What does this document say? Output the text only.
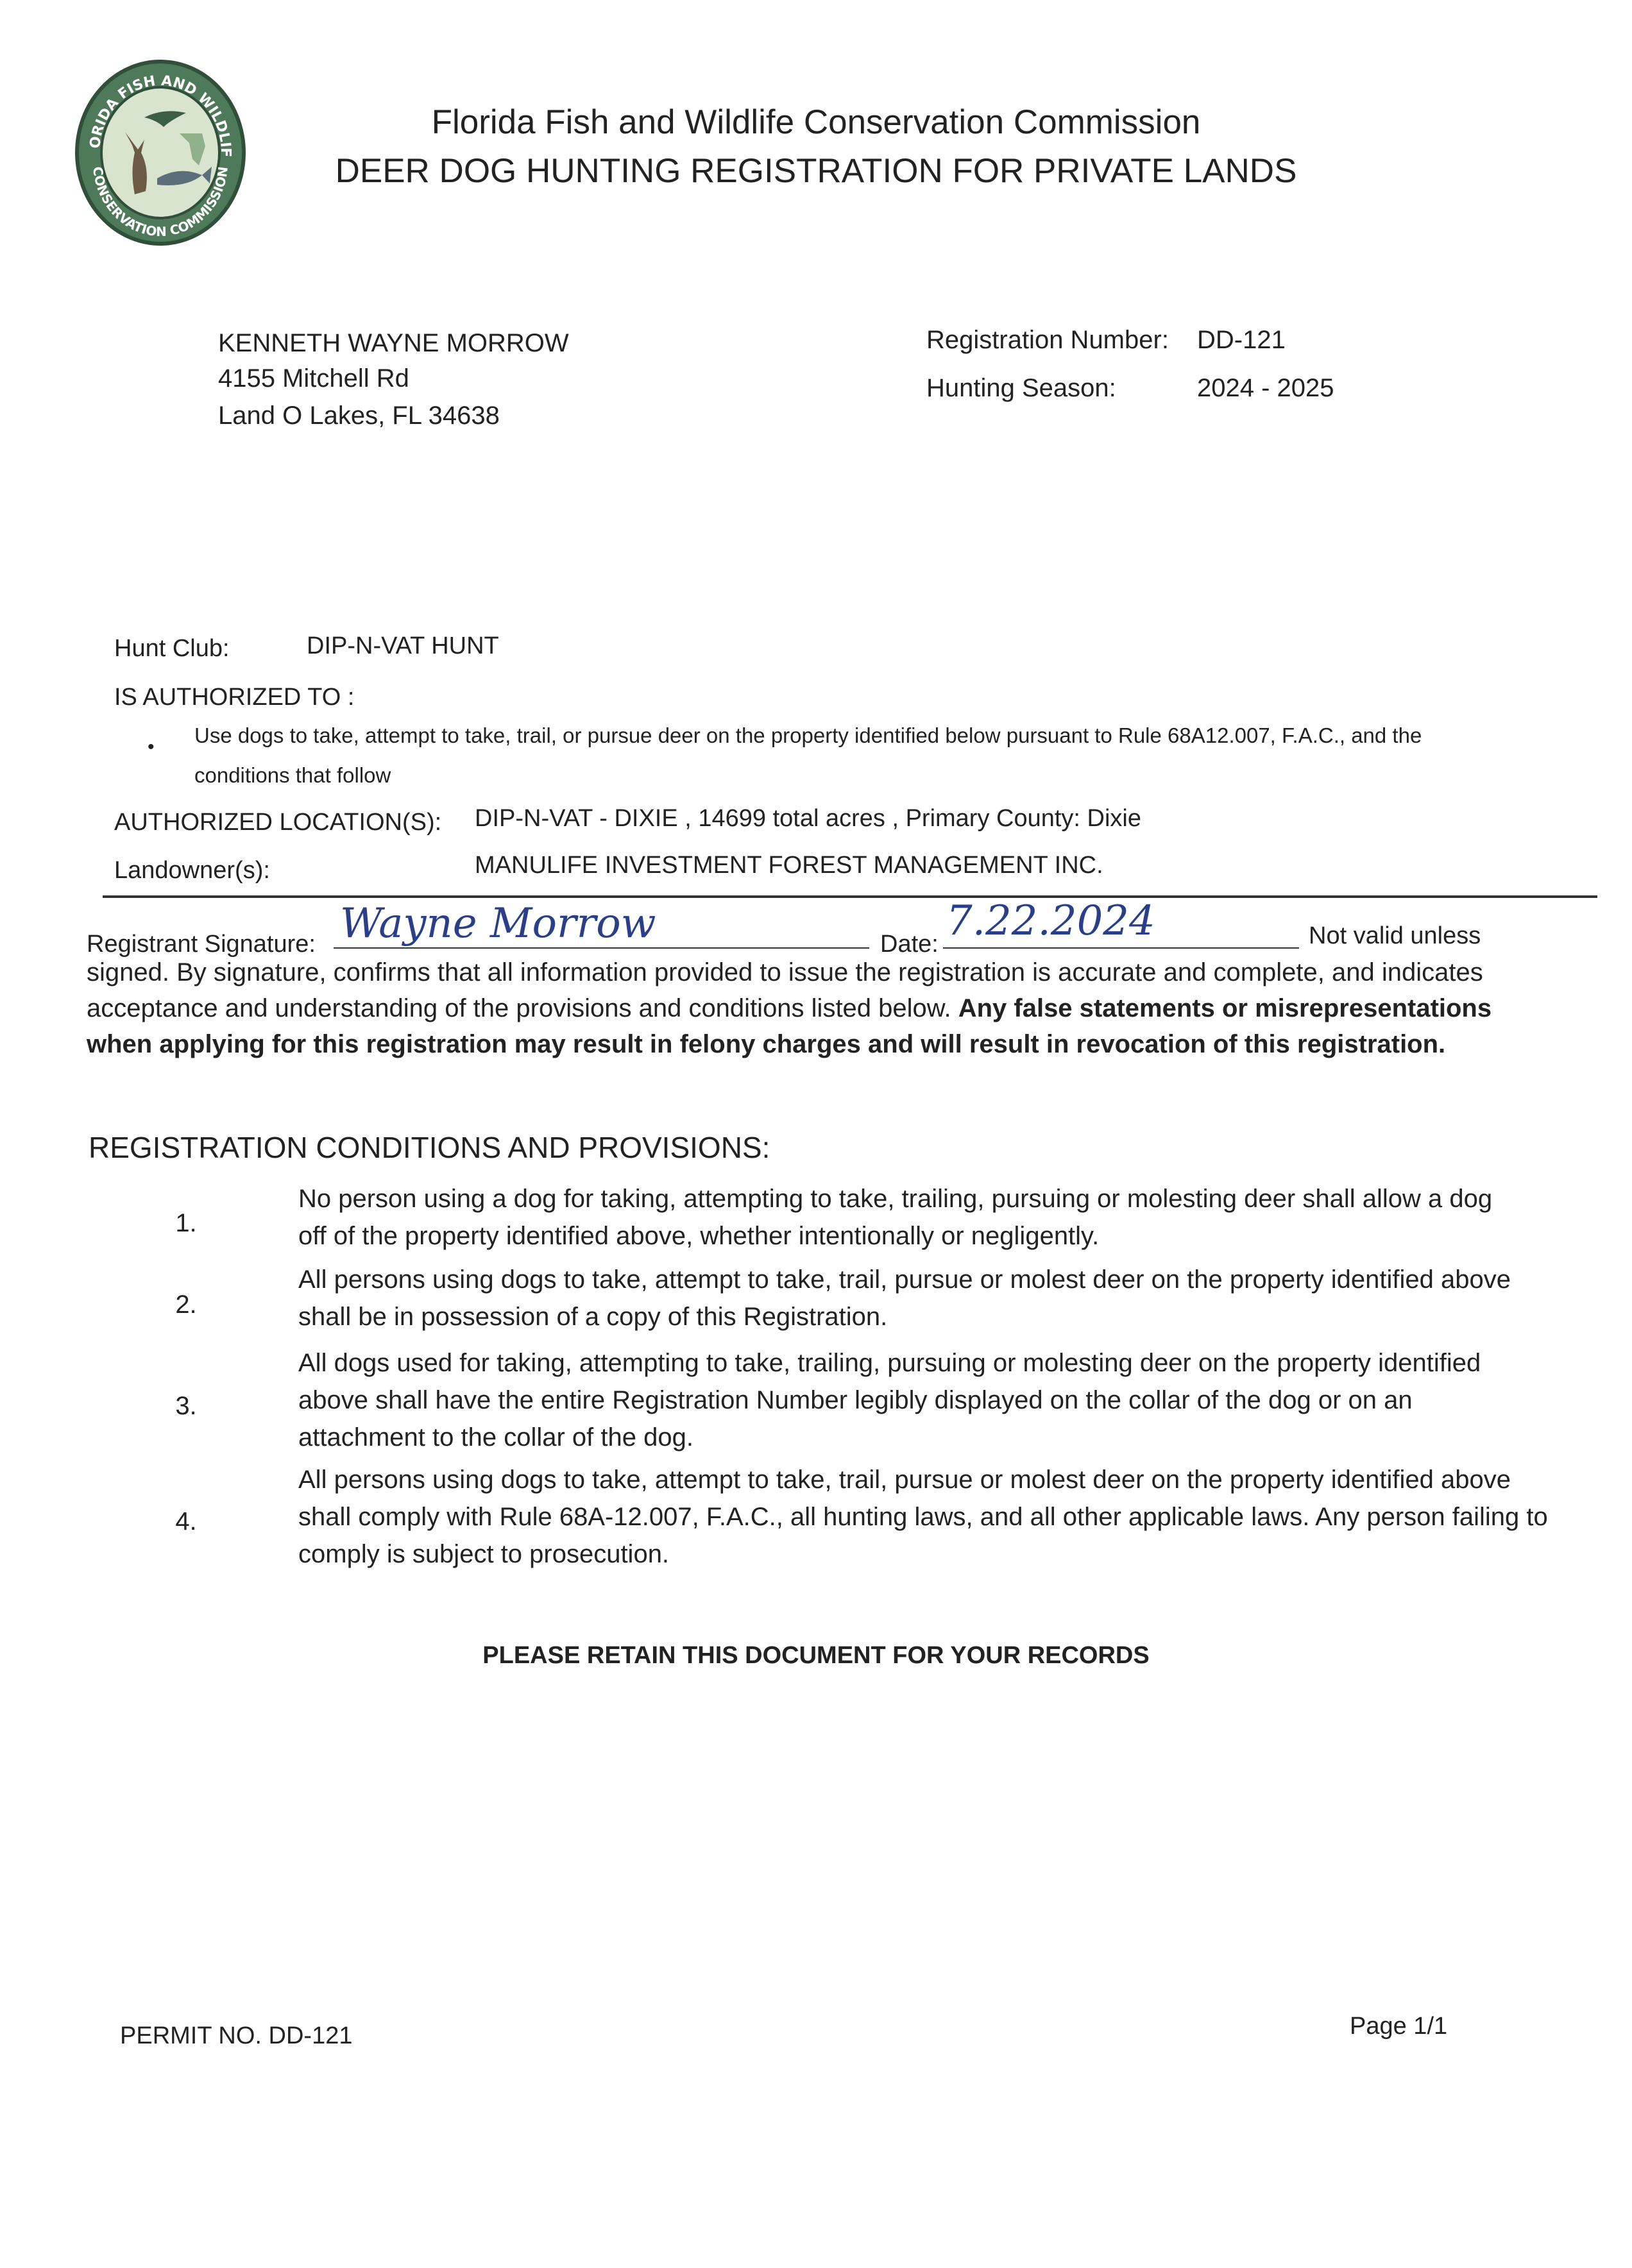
ORIDA FISH AND WILDLIF
CONSERVATION COMMISSION
Florida Fish and Wildlife Conservation Commission
DEER DOG HUNTING REGISTRATION FOR PRIVATE LANDS
KENNETH WAYNE MORROW
4155 Mitchell Rd
Land O Lakes, FL 34638
Registration Number: DD-121
Hunting Season:	2024 - 2025
Hunt Club:	DIP-N-VAT HUNT
IS AUTHORIZED TO :
• Use dogs to take, attempt to take, trail, or pursue deer on the property identified below pursuant to Rule 68A12.007, F.A.C., and the
conditions that follow
AUTHORIZED LOCATION(S): DIP-N-VAT - DIXIE , 14699 total acres , Primary County: Dixie
Landowner(s):	MANULIFE INVESTMENT FOREST MANAGEMENT INC.
Registrant Signature: Wayne Morrow	Date: 7.22.2024	Not valid unless
signed. By signature, confirms that all information provided to issue the registration is accurate and complete, and indicates
acceptance and understanding of the provisions and conditions listed below. Any false statements or misrepresentations
when applying for this registration may result in felony charges and will result in revocation of this registration.
REGISTRATION CONDITIONS AND PROVISIONS:
1.
No person using a dog for taking, attempting to take, trailing, pursuing or molesting deer shall allow a dog
off of the property identified above, whether intentionally or negligently.
2.
All persons using dogs to take, attempt to take, trail, pursue or molest deer on the property identified above
shall be in possession of a copy of this Registration.
3.
All dogs used for taking, attempting to take, trailing, pursuing or molesting deer on the property identified
above shall have the entire Registration Number legibly displayed on the collar of the dog or on an
attachment to the collar of the dog.
4.
All persons using dogs to take, attempt to take, trail, pursue or molest deer on the property identified above
shall comply with Rule 68A-12.007, F.A.C., all hunting laws, and all other applicable laws. Any person failing to
comply is subject to prosecution.
PLEASE RETAIN THIS DOCUMENT FOR YOUR RECORDS
PERMIT NO. DD-121	Page 1/1
